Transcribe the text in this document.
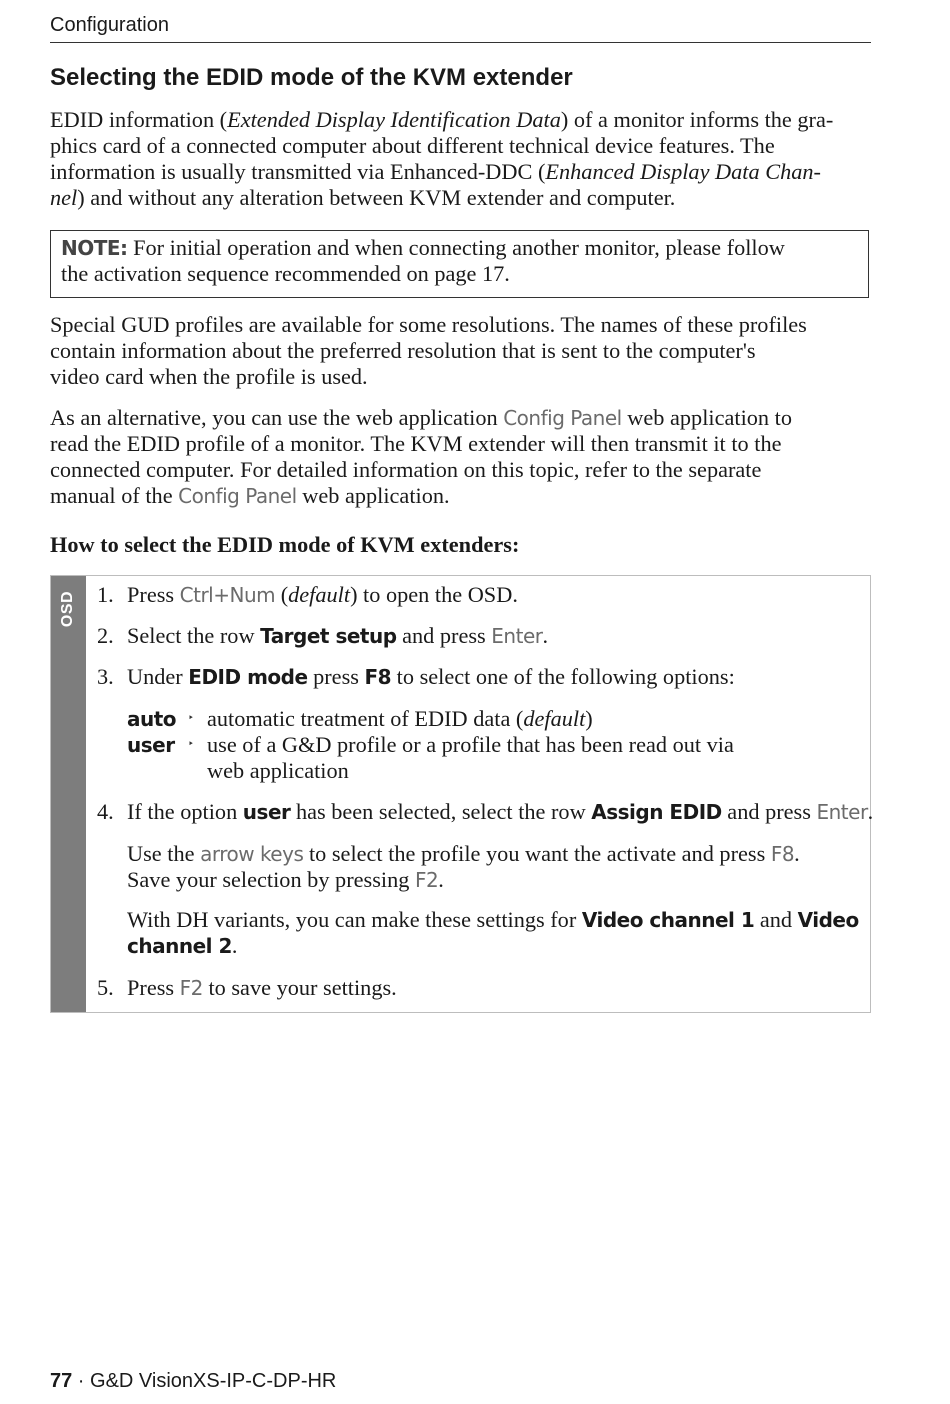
Configuration
Selecting the EDID mode of the KVM extender

EDID information (Extended Display Identification Data) of a monitor informs the gra-

phics card of a connected computer about different technical device features. The

information is usually transmitted via Enhanced-DDC (Enhanced Display Data Chan-

nel) and without any alteration between KVM extender and computer.

NOTE: For initial operation and when connecting another monitor, please follow

the activation sequence recommended on page 17.

Special GUD profiles are available for some resolutions. The names of these profiles

contain information about the preferred resolution that is sent to the computer's

video card when the profile is used.

As an alternative, you can use the web application Config Panel web application to

read the EDID profile of a monitor. The KVM extender will then transmit it to the

connected computer. For detailed information on this topic, refer to the separate

manual of the Config Panel web application.

How to select the EDID mode of KVM extenders:
OSD 1. Press Ctrl+Num (default) to open the OSD.
2. Select the row Target setup and press Enter.
3. Under EDID mode press F8 to select one of the following options:
auto ‣ automatic treatment of EDID data (default)
user ‣ use of a G&D profile or a profile that has been read out via
web application
4. If the option user has been selected, select the row Assign EDID and press Enter.
Use the arrow keys to select the profile you want the activate and press F8.
Save your selection by pressing F2.
With DH variants, you can make these settings for Video channel 1 and Video
channel 2.
5. Press F2 to save your settings.
77 · G&D VisionXS-IP-C-DP-HR
